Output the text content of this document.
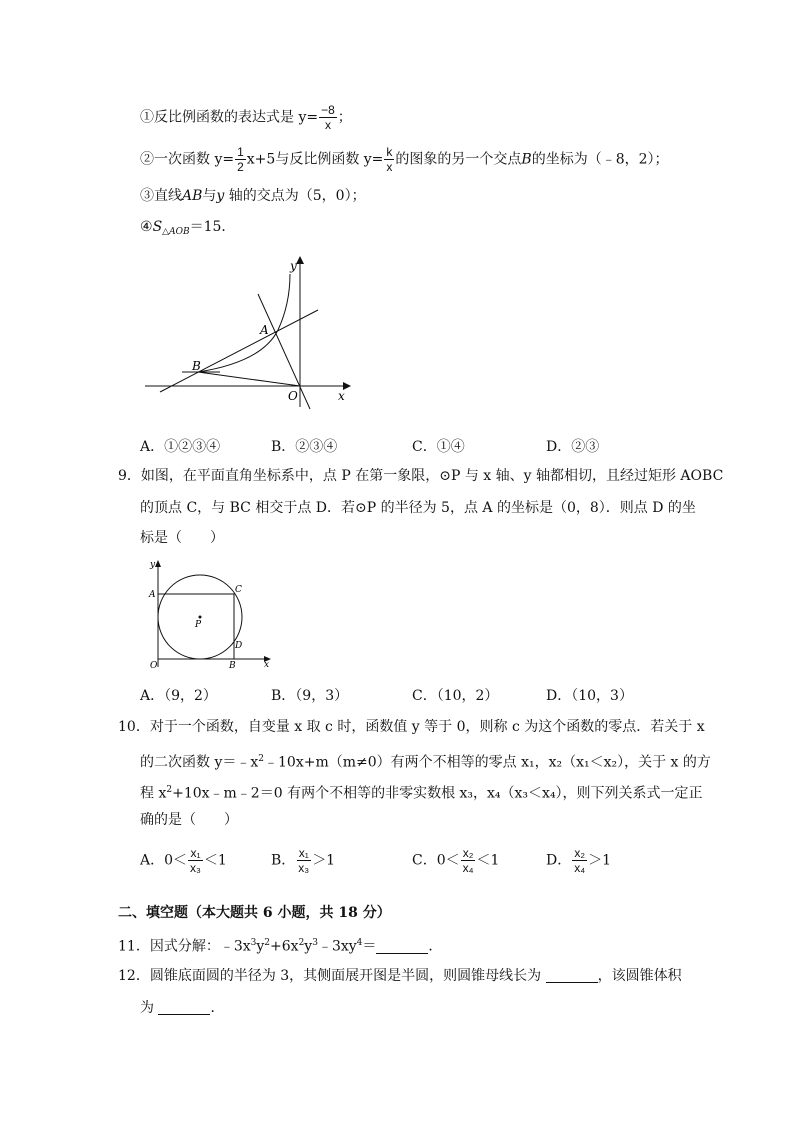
①反比例函数的表达式是 $y= \frac{-8}{x}$ ；
②一次函数 $y= \frac{1}{2} x+5$与反比例函数 $y= \frac{k}{x}$ 的图象的另一个交点B的坐标为（﹣8，2）；
③直线AB与y 轴的交点为（5，0）；
$④S_{\triangle AOB}=15$．
y
x
O
A
B
A．①②③④	B．②③④	C．①④	D．②③
9．如图，在平面直角坐标系中，点 P 在第一象限，⊙P 与 x 轴、y 轴都相切，且经过矩形 AOBC
的顶点 C，与 BC 相交于点 D．若⊙P 的半径为 5，点 A 的坐标是（0，8）．则点 D 的坐
标是（　　）
y
x
O
A
B
C
D
P
A．（9，2）	B．（9，3）	C．（10，2）	D．（10，3）
10．对于一个函数，自变量 x 取 c 时，函数值 y 等于 0，则称 c 为这个函数的零点．若关于 x
的二次函数 $y=﹣x^2﹣10x+m(m\ne 0)$有两个不相等的零点 x₁，x₂（x₁＜x₂），关于 x 的方
程 $x^2+10x﹣m﹣2=0$ 有两个不相等的非零实数根 x₃，x₄（x₃＜x₄），则下列关系式一定正
确的是（　　）
A．$0< \frac{\text{x₁}}{\text{x₃}} <1$	B． $\frac{\text{x₁}}{\text{x₃}} >1$	C．$0< \frac{\text{x₂}}{\text{x₄}} <1$	D． $\frac{\text{x₂}}{\text{x₄}} >1$
二、填空题（本大题共 6 小题，共 18 分）
11．因式分解：$﹣3x^3y^2+6x^2y^3﹣3xy^4=$	．
12．圆锥底面圆的半径为 3，其侧面展开图是半圆，则圆锥母线长为	，该圆锥体积
为	．
